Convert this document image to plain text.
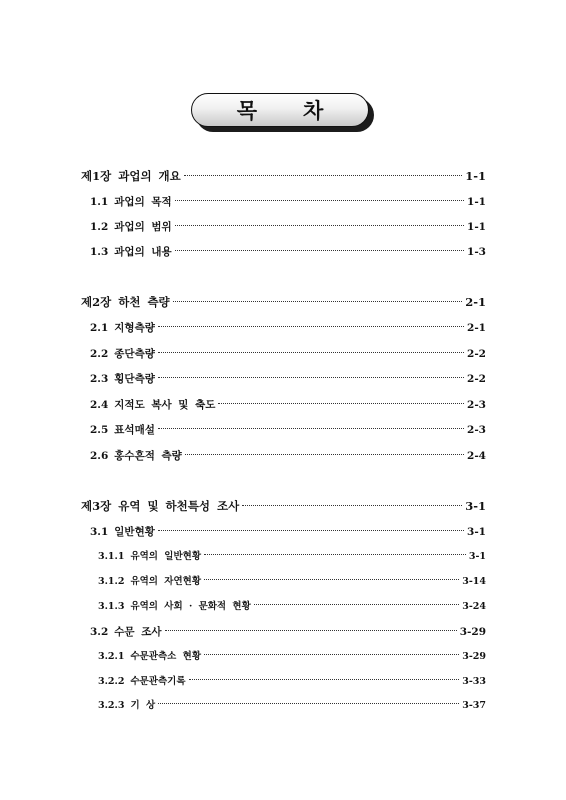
목차
제1장 과업의 개요	1-1
1.1 과업의 목적	1-1
1.2 과업의 범위	1-1
1.3 과업의 내용	1-3
제2장 하천 측량	2-1
2.1 지형측량	2-1
2.2 종단측량	2-2
2.3 횡단측량	2-2
2.4 지적도 복사 및 축도	2-3
2.5 표석매설	2-3
2.6 홍수흔적 측량	2-4
제3장 유역 및 하천특성 조사	3-1
3.1 일반현황	3-1
3.1.1 유역의 일반현황	3-1
3.1.2 유역의 자연현황	3-14
3.1.3 유역의 사회 · 문화적 현황	3-24
3.2 수문 조사	3-29
3.2.1 수문관측소 현황	3-29
3.2.2 수문관측기록	3-33
3.2.3 기 상	3-37
